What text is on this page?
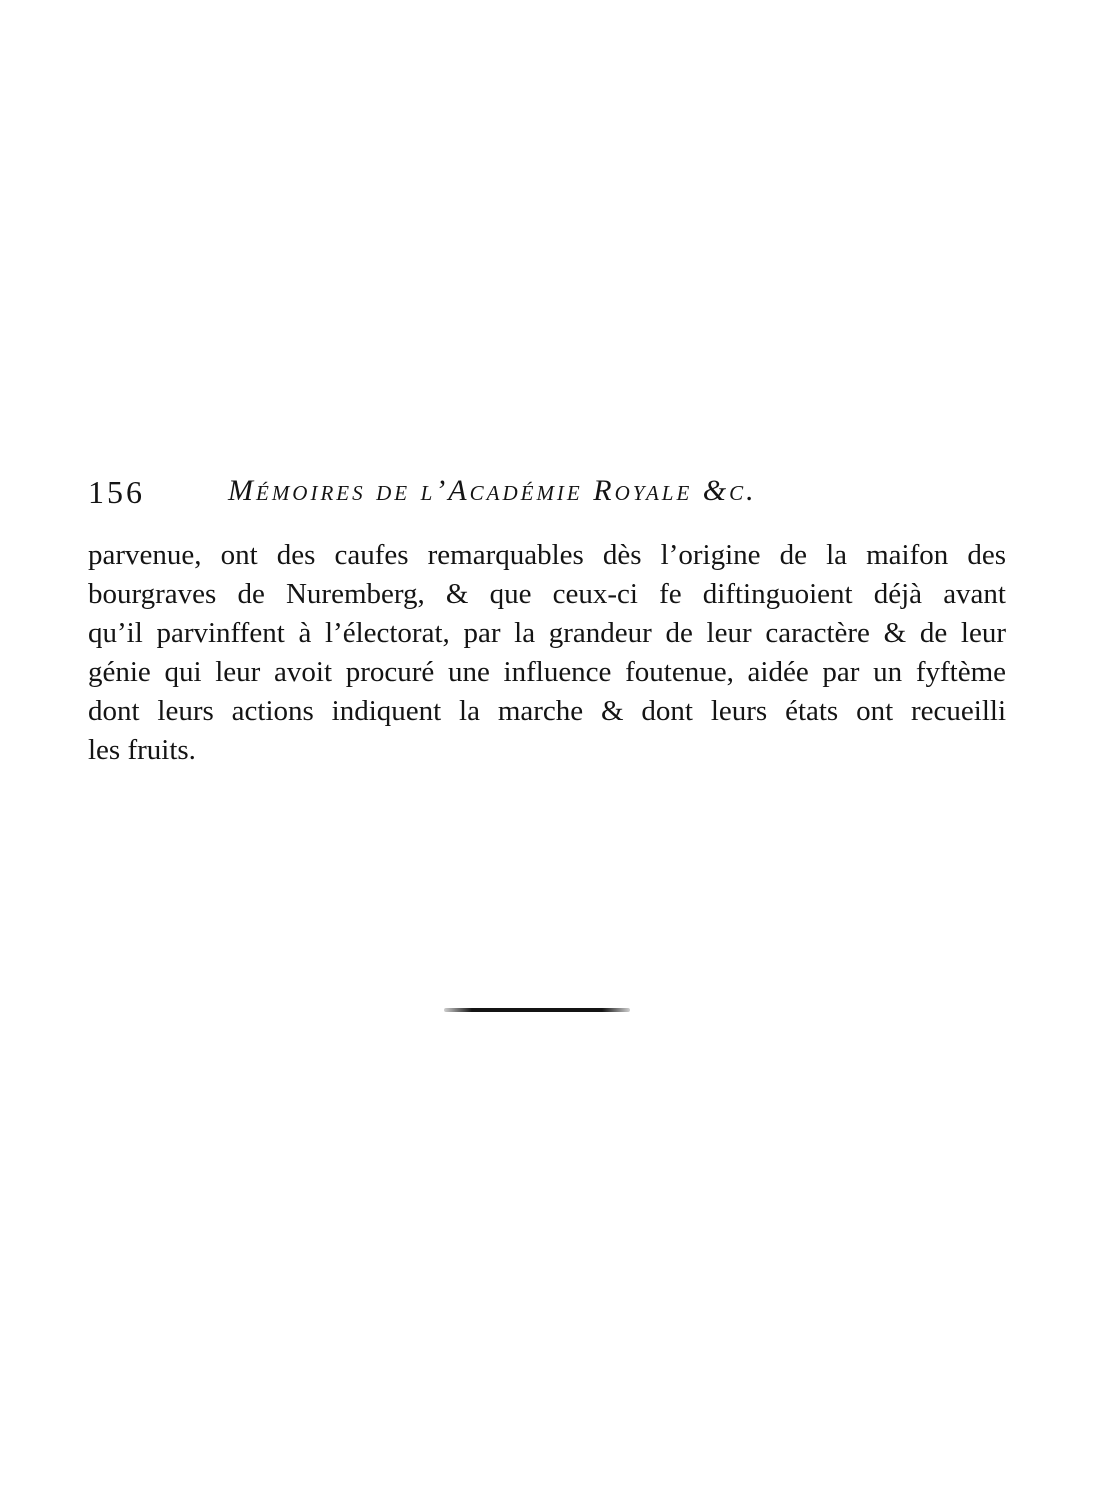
156	Mémoires de l’Académie Royale &c.
parvenue, ont des caufes remarquables dès l’origine de la maifon des
bourgraves de Nuremberg, & que ceux-ci fe diftinguoient déjà avant
qu’il parvinffent à l’électorat, par la grandeur de leur caractère & de leur
génie qui leur avoit procuré une influence foutenue, aidée par un fyftème
dont leurs actions indiquent la marche & dont leurs états ont recueilli
les fruits.
